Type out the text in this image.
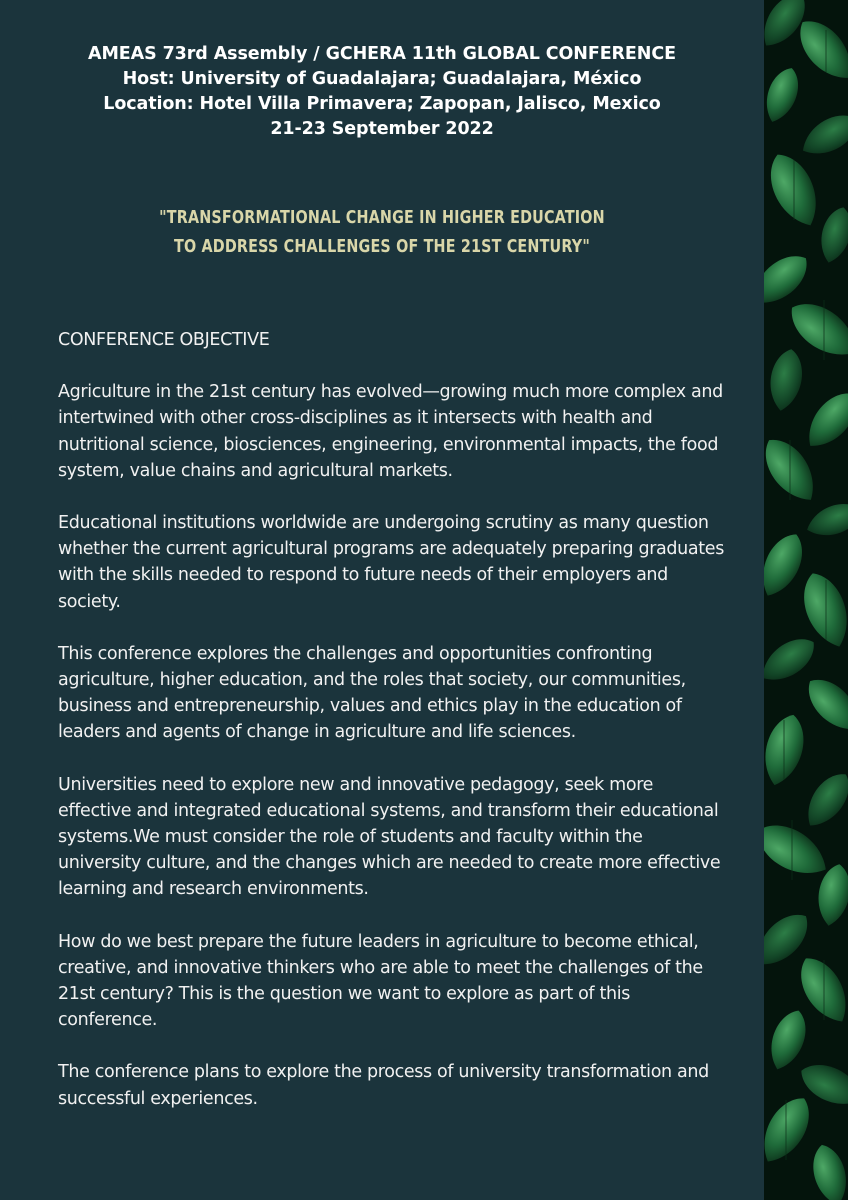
AMEAS 73rd Assembly / GCHERA 11th GLOBAL CONFERENCE
Host: University of Guadalajara; Guadalajara, México
Location: Hotel Villa Primavera; Zapopan, Jalisco, Mexico
21-23 September 2022
"TRANSFORMATIONAL CHANGE IN HIGHER EDUCATION
TO ADDRESS CHALLENGES OF THE 21ST CENTURY"

CONFERENCE OBJECTIVE

Agriculture in the 21st century has evolved—growing much more complex and intertwined with other cross-disciplines as it intersects with health and nutritional science, biosciences, engineering, environmental impacts, the food system, value chains and agricultural markets.

Educational institutions worldwide are undergoing scrutiny as many question whether the current agricultural programs are adequately preparing graduates with the skills needed to respond to future needs of their employers and society.

This conference explores the challenges and opportunities confronting agriculture, higher education, and the roles that society, our communities, business and entrepreneurship, values and ethics play in the education of leaders and agents of change in agriculture and life sciences.

Universities need to explore new and innovative pedagogy, seek more effective and integrated educational systems, and transform their educational systems.We must consider the role of students and faculty within the university culture, and the changes which are needed to create more effective learning and research environments.

How do we best prepare the future leaders in agriculture to become ethical, creative, and innovative thinkers who are able to meet the challenges of the 21st century? This is the question we want to explore as part of this conference.

The conference plans to explore the process of university transformation and successful experiences.
